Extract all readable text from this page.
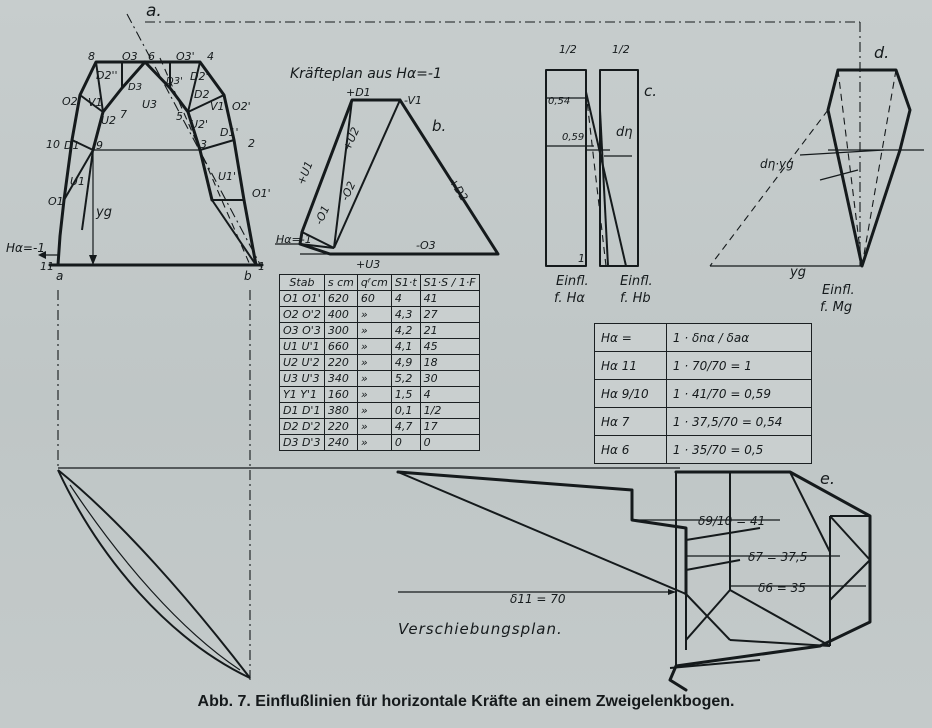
a.
8	6	4
O3	O3'
D2''
D3
D3' D2'
O2 V1	U3
D2
V1' O2'
U2 7	5
U2'
10 D1 9	3
D1'
2
U1	U1'
O1
O1'
yg
Hα=-1
11
a	b
1
Kräfteplan aus Hα=-1
b.
+D1
-V1
+U1
+U2
-O2
-O1
+D2
-O3
+U3
Hα=-1
1/2	1/2
0,54
0,59 dη
c.
1
Einfl.
f. Hα
Einfl.
f. Hb
d.
dη·yg
yg
Einfl.
f. Mg
e.
δ9/10 = 41
δ7 = 37,5
δ6 = 35
δ11 = 70
Verschiebungsplan.
Stab	s cm	qᶠcm	S1·t	S1·S / 1·F
O1 O1'	620	60	4	41
O2 O'2	400	»	4,3	27
O3 O'3	300	»	4,2	21
U1 U'1	660	»	4,1	45
U2 U'2	220	»	4,9	18
U3 U'3	340	»	5,2	30
Y1 Y'1	160	»	1,5	4
D1 D'1	380	»	0,1	1/2
D2 D'2	220	»	4,7	17
D3 D'3	240	»	0	0
Hα =	1 · δnα / δaα
Hα 11	1 · 70/70 = 1
Hα 9/10	1 · 41/70 = 0,59
Hα 7	1 · 37,5/70 = 0,54
Hα 6	1 · 35/70 = 0,5
Abb. 7. Einflußlinien für horizontale Kräfte an einem Zweigelenkbogen.
